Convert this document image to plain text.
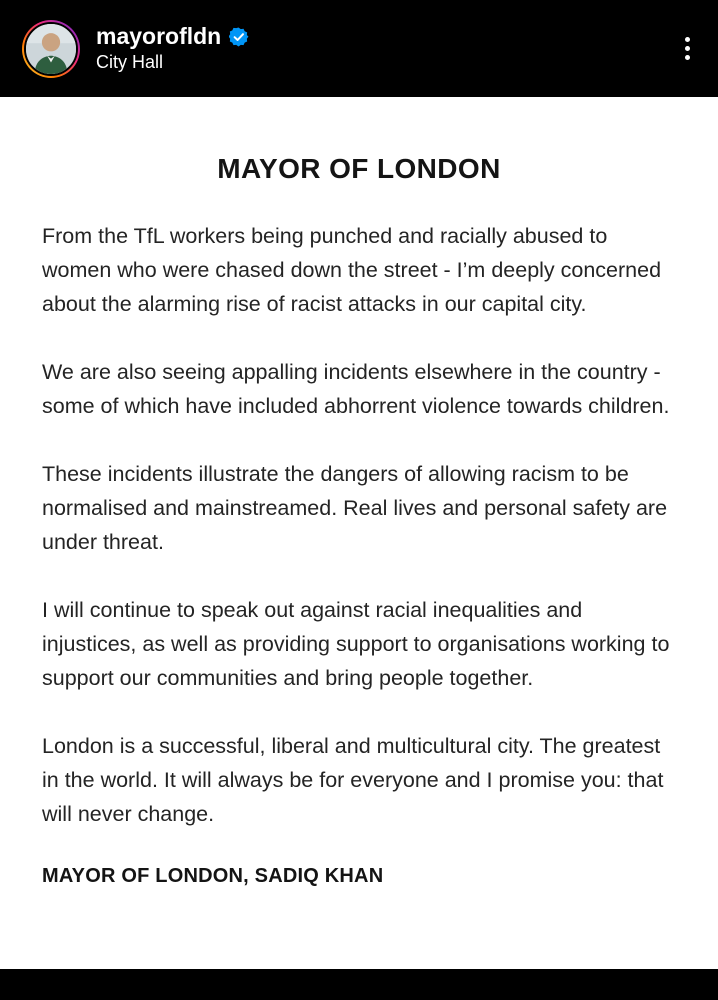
mayorofldn
City Hall
MAYOR OF LONDON

From the TfL workers being punched and racially abused to women who were chased down the street - I’m deeply concerned about the alarming rise of racist attacks in our capital city.

We are also seeing appalling incidents elsewhere in the country - some of which have included abhorrent violence towards children.

These incidents illustrate the dangers of allowing racism to be normalised and mainstreamed. Real lives and personal safety are under threat.

I will continue to speak out against racial inequalities and injustices, as well as providing support to organisations working to support our communities and bring people together.

London is a successful, liberal and multicultural city. The greatest in the world. It will always be for everyone and I promise you: that will never change.

MAYOR OF LONDON, SADIQ KHAN
